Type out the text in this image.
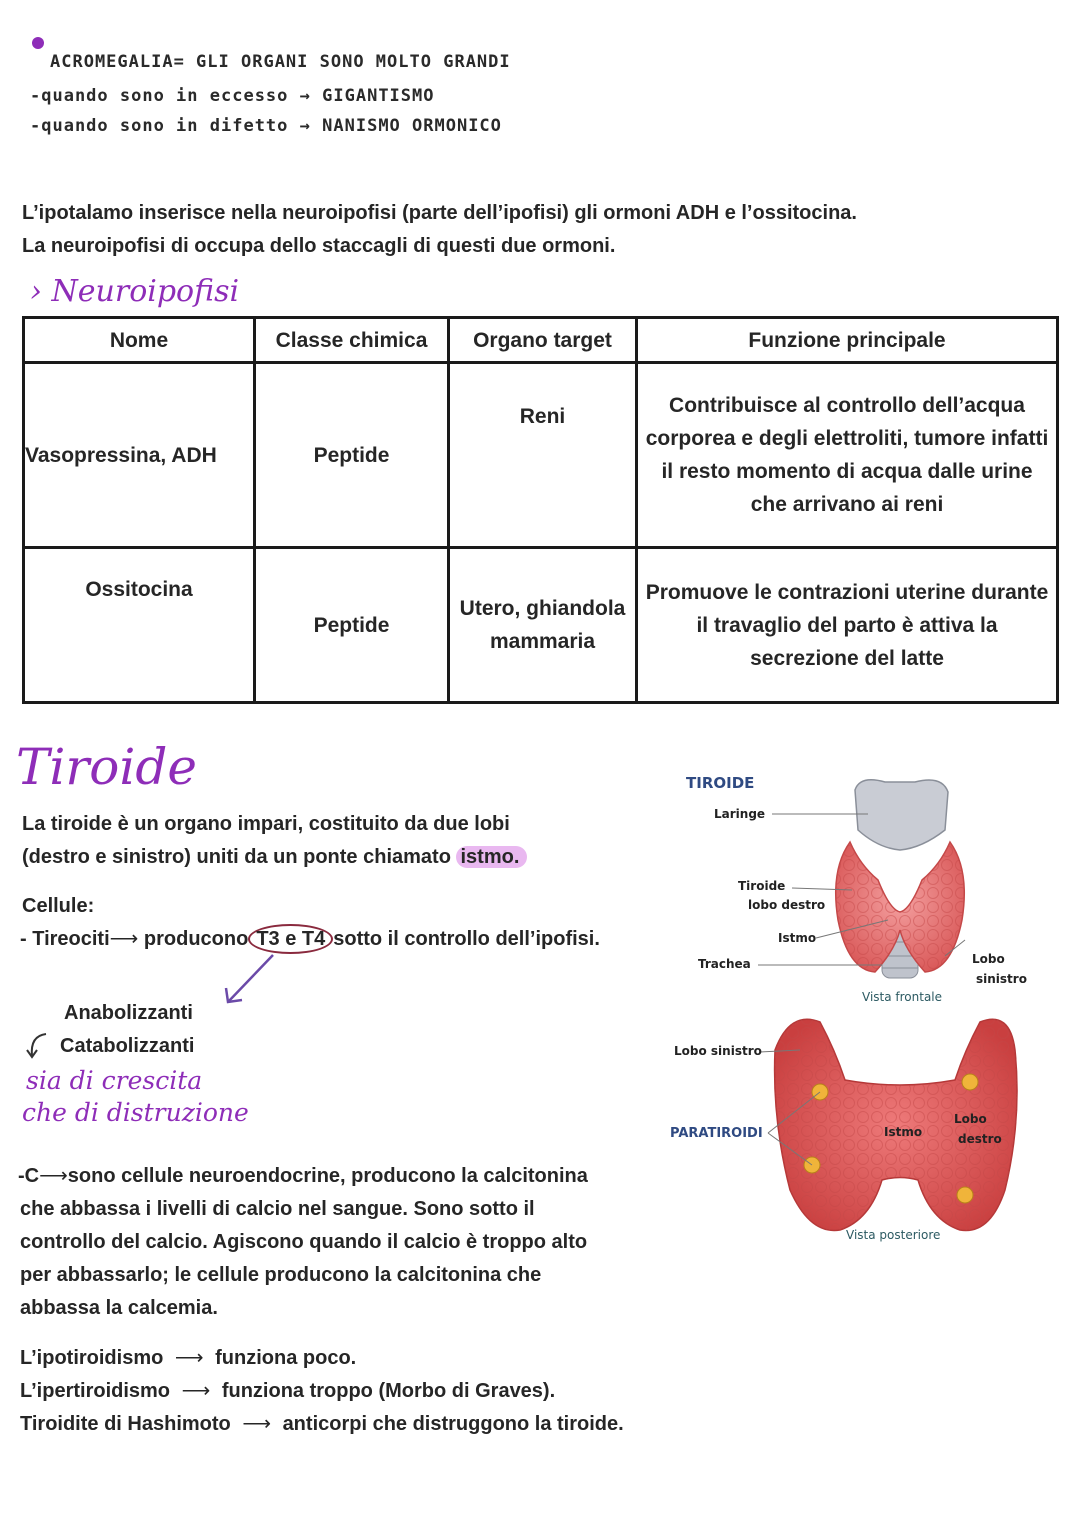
ACROMEGALIA= GLI ORGANI SONO MOLTO GRANDI
-quando sono in eccesso → GIGANTISMO
-quando sono in difetto → NANISMO ORMONICO
L’ipotalamo inserisce nella neuroipofisi (parte dell’ipofisi) gli ormoni ADH e l’ossitocina.
La neuroipofisi di occupa dello staccagli di questi due ormoni.
› Neuroipofisi
Nome	Classe chimica	Organo target	Funzione principale
Vasopressina, ADH	Peptide	Reni	Contribuisce al controllo dell’acqua corporea e degli elettroliti, tumore infatti il resto momento di acqua dalle urine che arrivano ai reni
Ossitocina	Peptide	Utero, ghiandola mammaria	Promuove le contrazioni uterine durante il travaglio del parto è attiva la secrezione del latte
Tiroide
La tiroide è un organo impari, costituito da due lobi
(destro e sinistro) uniti da un ponte chiamato istmo.
Cellule:
- Tireociti⟶ producono T3 e T4 sotto il controllo dell’ipofisi.
Anabolizzanti
Catabolizzanti
sia di crescita
che di distruzione
-C⟶sono cellule neuroendocrine, producono la calcitonina
che abbassa i livelli di calcio nel sangue. Sono sotto il
controllo del calcio. Agiscono quando il calcio è troppo alto
per abbassarlo; le cellule producono la calcitonina che
abbassa la calcemia.
L’ipotiroidismo ⟶ funziona poco.
L’ipertiroidismo ⟶ funziona troppo (Morbo di Graves).
Tiroidite di Hashimoto ⟶ anticorpi che distruggono la tiroide.
TIROIDE
Laringe
Tiroide
lobo destro
Istmo
Trachea	Lobo
sinistro
Vista frontale
Lobo sinistro
PARATIROIDI	Istmo
Lobo
destro
Vista posteriore
